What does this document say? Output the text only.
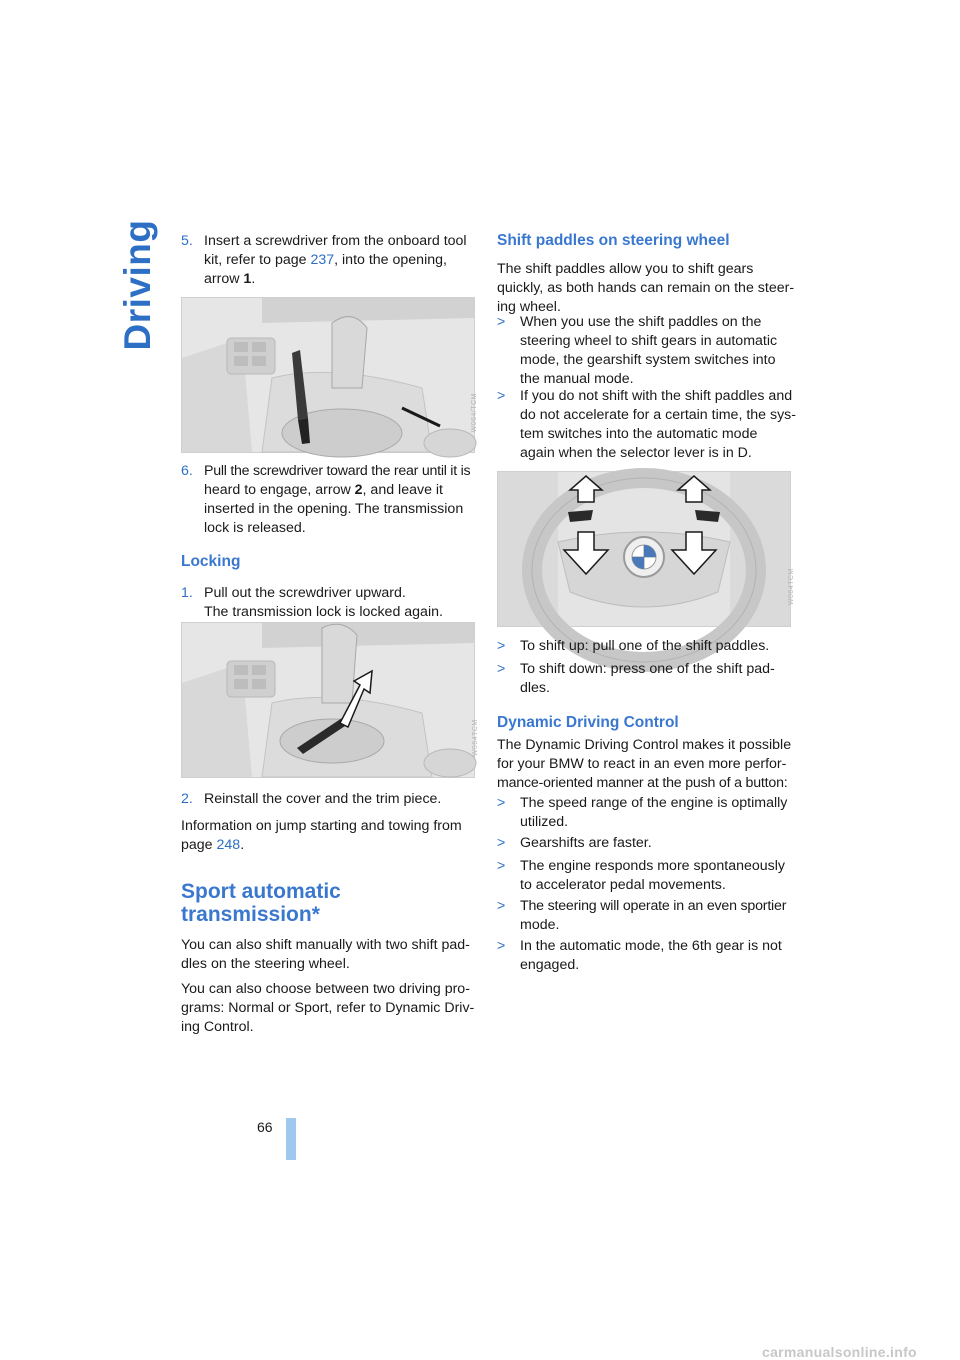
Driving 5. Insert a screwdriver from the onboard tool
kit, refer to page 237, into the opening,
arrow 1.
W064/TCM
6. Pull the screwdriver toward the rear until it is
heard to engage, arrow 2, and leave it
inserted in the opening. The transmission
lock is released.
Locking
1. Pull out the screwdriver upward.
The transmission lock is locked again.
W064TCM
2. Reinstall the cover and the trim piece.
Information on jump starting and towing from
page 248.
Sport automatic
transmission*
You can also shift manually with two shift pad-
dles on the steering wheel.
You can also choose between two driving pro-
grams: Normal or Sport, refer to Dynamic Driv-
ing Control.
Shift paddles on steering wheel
The shift paddles allow you to shift gears
quickly, as both hands can remain on the steer-
ing wheel.
> When you use the shift paddles on the
steering wheel to shift gears in automatic
mode, the gearshift system switches into
the manual mode.
> If you do not shift with the shift paddles and
do not accelerate for a certain time, the sys-
tem switches into the automatic mode
again when the selector lever is in D.
W064TCM
> To shift up: pull one of the shift paddles.
> To shift down: press one of the shift pad-
dles.
Dynamic Driving Control
The Dynamic Driving Control makes it possible
for your BMW to react in an even more perfor-
mance-oriented manner at the push of a button:
> The speed range of the engine is optimally
utilized.
> Gearshifts are faster.
> The engine responds more spontaneously
to accelerator pedal movements.
> The steering will operate in an even sportier
mode.
> In the automatic mode, the 6th gear is not
engaged.
66
carmanualsonline.info
